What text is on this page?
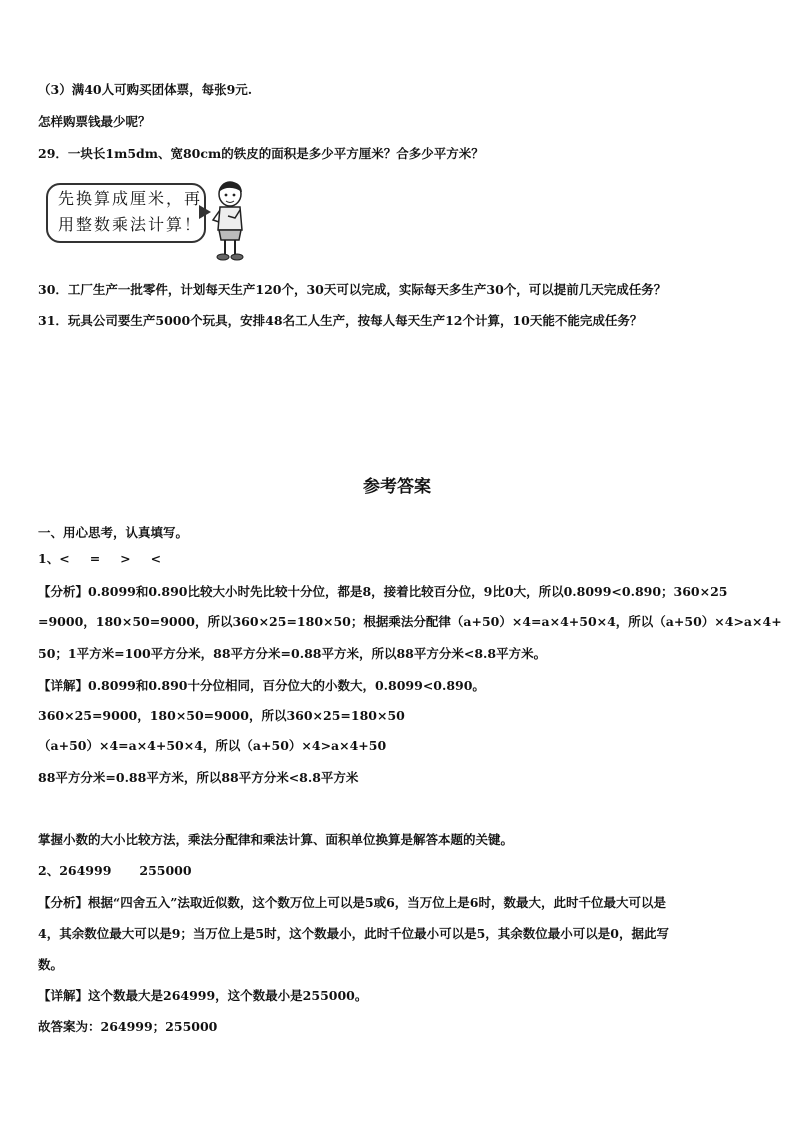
（3）满40人可购买团体票，每张9元.
怎样购票钱最少呢？
29．一块长1m5dm、宽80cm的铁皮的面积是多少平方厘米？合多少平方米？
先换算成厘米，再
用整数乘法计算！
30．工厂生产一批零件，计划每天生产120个，30天可以完成，实际每天多生产30个，可以提前几天完成任务？
31．玩具公司要生产5000个玩具，安排48名工人生产，按每人每天生产12个计算，10天能不能完成任务？
参考答案
一、用心思考，认真填写。
1、< = > <
【分析】0.8099和0.890比较大小时先比较十分位，都是8，接着比较百分位，9比0大，所以0.8099<0.890；360×25
=9000，180×50=9000，所以360×25=180×50；根据乘法分配律（a+50）×4=a×4+50×4，所以（a+50）×4>a×4+
50；1平方米=100平方分米，88平方分米=0.88平方米，所以88平方分米<8.8平方米。
【详解】0.8099和0.890十分位相同，百分位大的小数大，0.8099<0.890。
360×25=9000，180×50=9000，所以360×25=180×50
（a+50）×4=a×4+50×4，所以（a+50）×4>a×4+50
88平方分米=0.88平方米，所以88平方分米<8.8平方米
掌握小数的大小比较方法，乘法分配律和乘法计算、面积单位换算是解答本题的关键。
2、264999 255000
【分析】根据“四舍五入”法取近似数，这个数万位上可以是5或6，当万位上是6时，数最大，此时千位最大可以是
4，其余数位最大可以是9；当万位上是5时，这个数最小，此时千位最小可以是5，其余数位最小可以是0，据此写
数。
【详解】这个数最大是264999，这个数最小是255000。
故答案为：264999；255000
